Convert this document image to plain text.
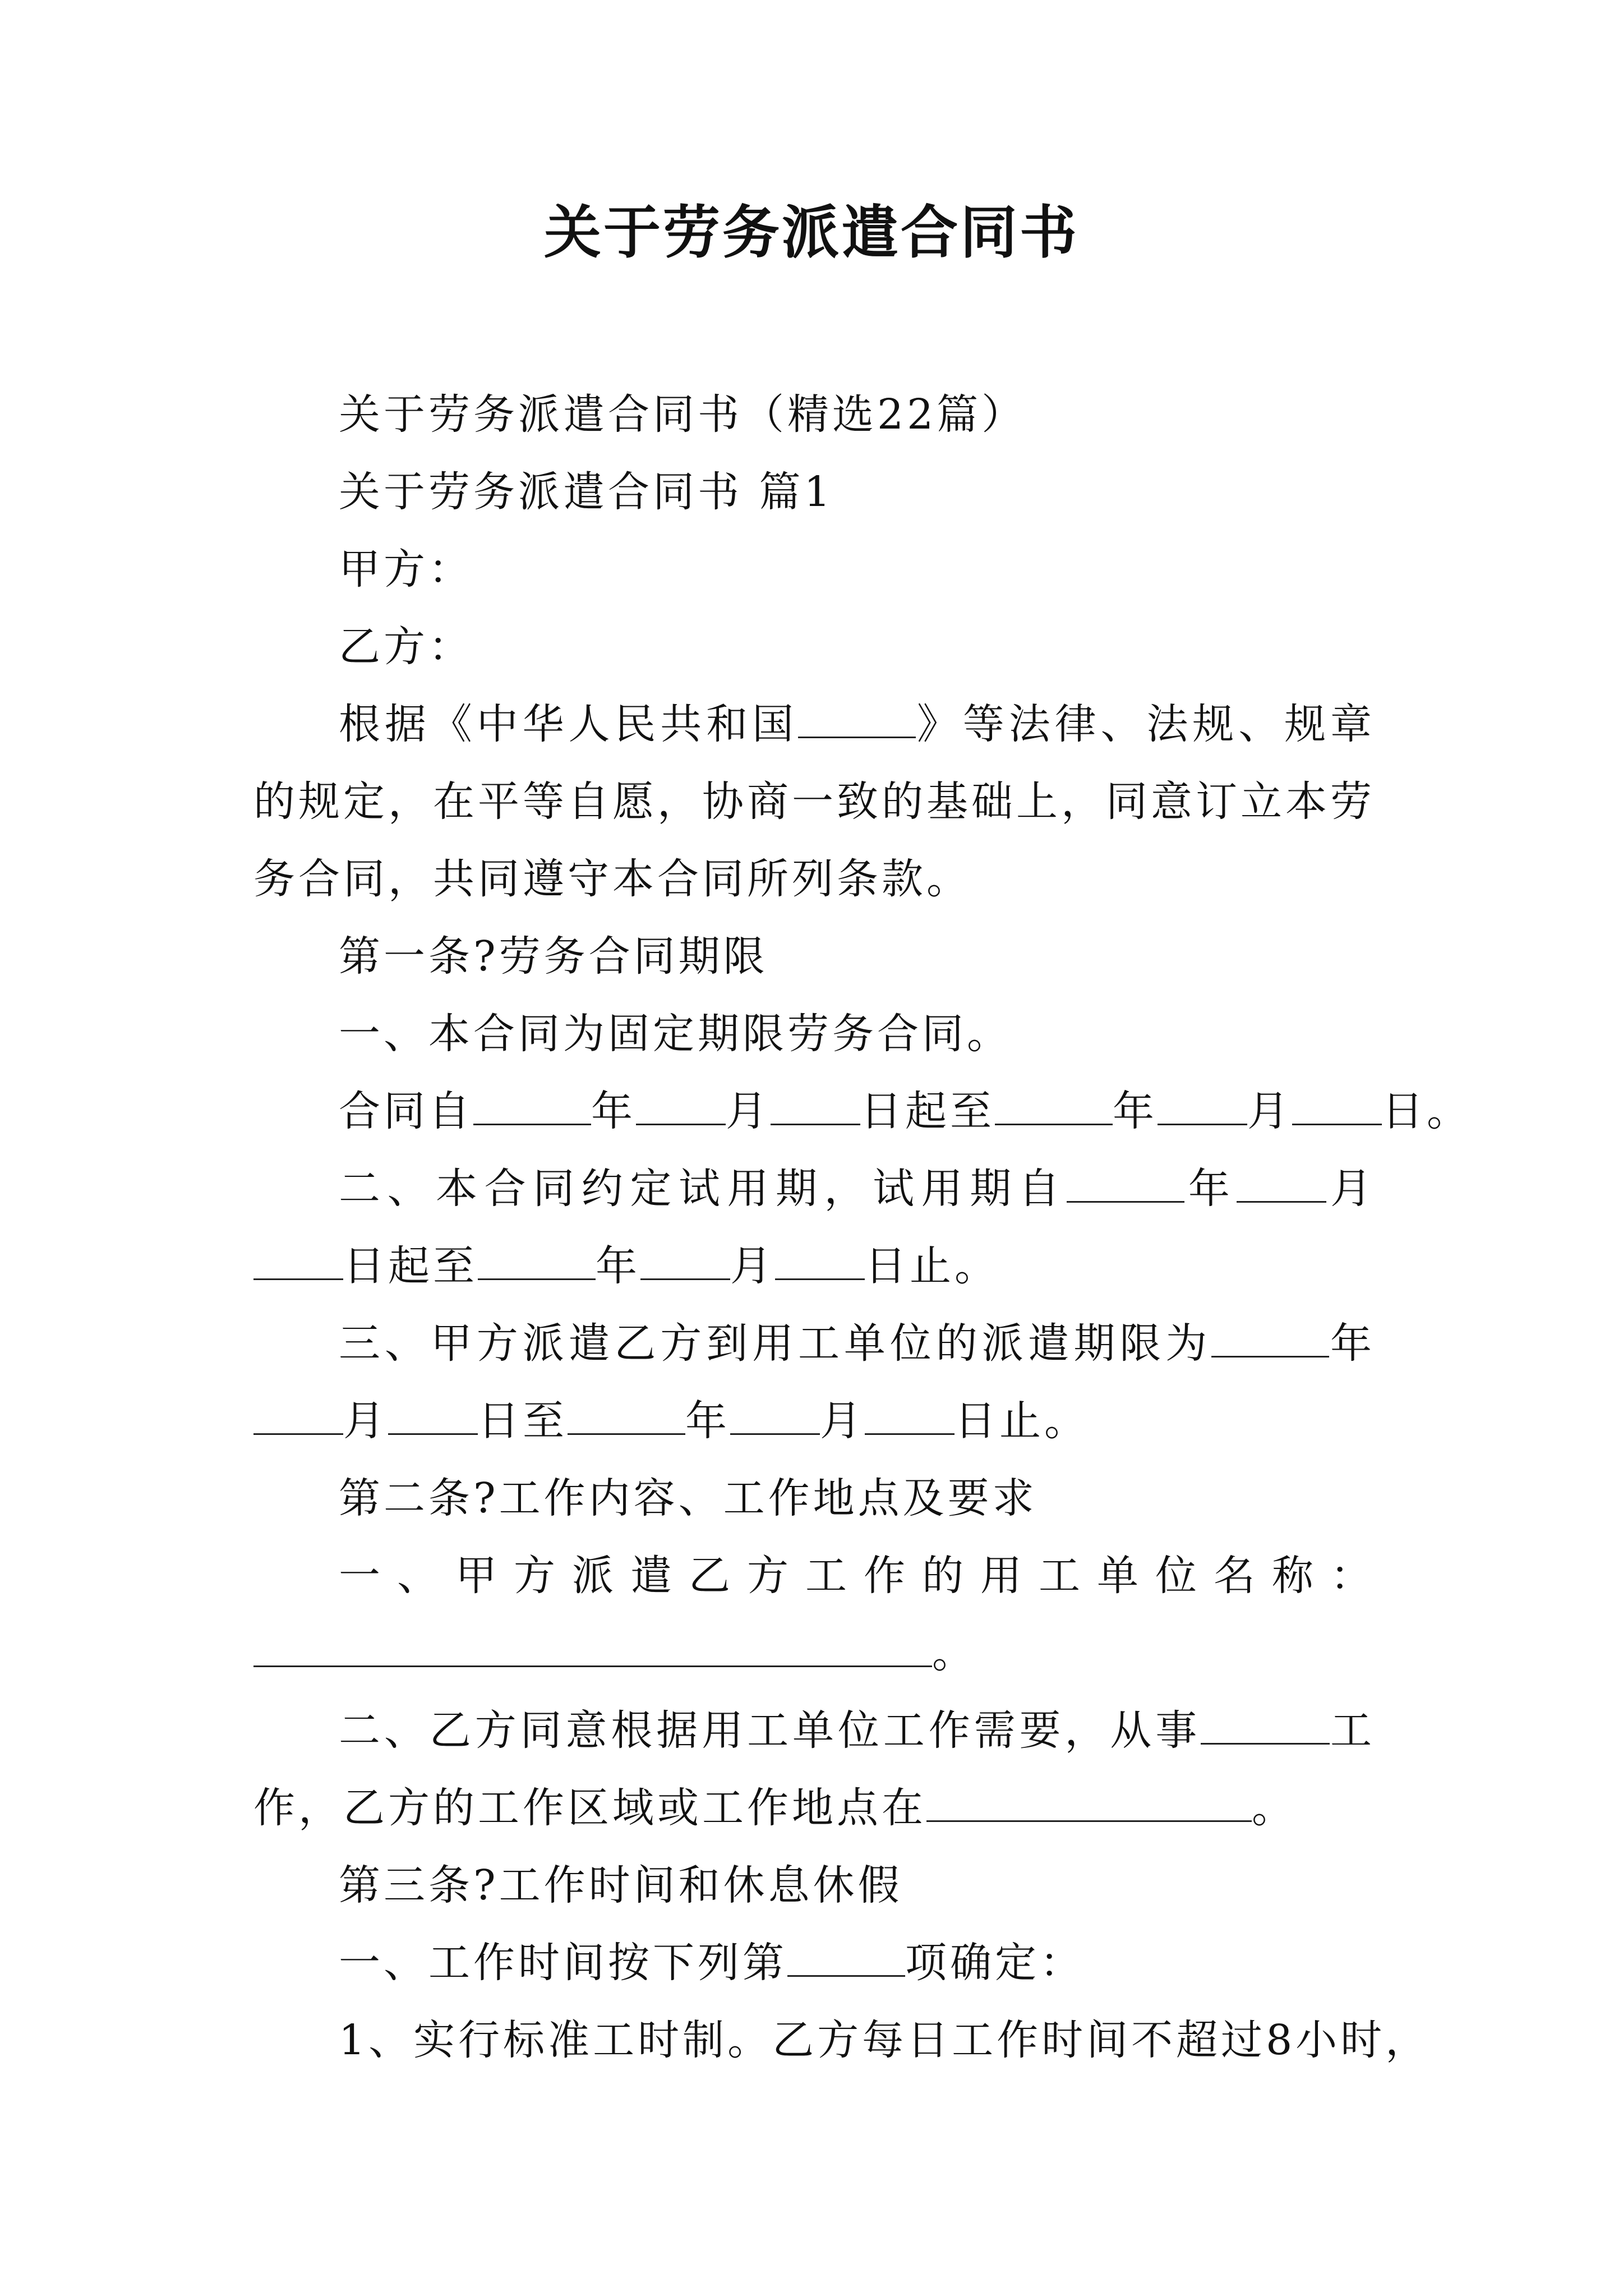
关于劳务派遣合同书

关于劳务派遣合同书（精选22篇）

关于劳务派遣合同书 篇1

甲方：

乙方：

根据《中华人民共和国	》等法律、法规、规章的规定，在平等自愿，协商一致的基础上，同意订立本劳务合同，共同遵守本合同所列条款。

第一条?劳务合同期限

一、本合同为固定期限劳务合同。

合同自	年 月 日起至	年 月 日。

二、本合同约定试用期，试用期自	年 月日起至	年 月 日止。

三、甲方派遣乙方到用工单位的派遣期限为	年月 日至	年 月 日止。

第二条?工作内容、工作地点及要求

一 、 甲 方 派 遣 乙 方 工 作 的 用 工 单 位 名 称 ：

。

二、乙方同意根据用工单位工作需要，从事	工作，乙方的工作区域或工作地点在	。

第三条?工作时间和休息休假

一、工作时间按下列第	项确定：

1、实行标准工时制。乙方每日工作时间不超过8小时，
